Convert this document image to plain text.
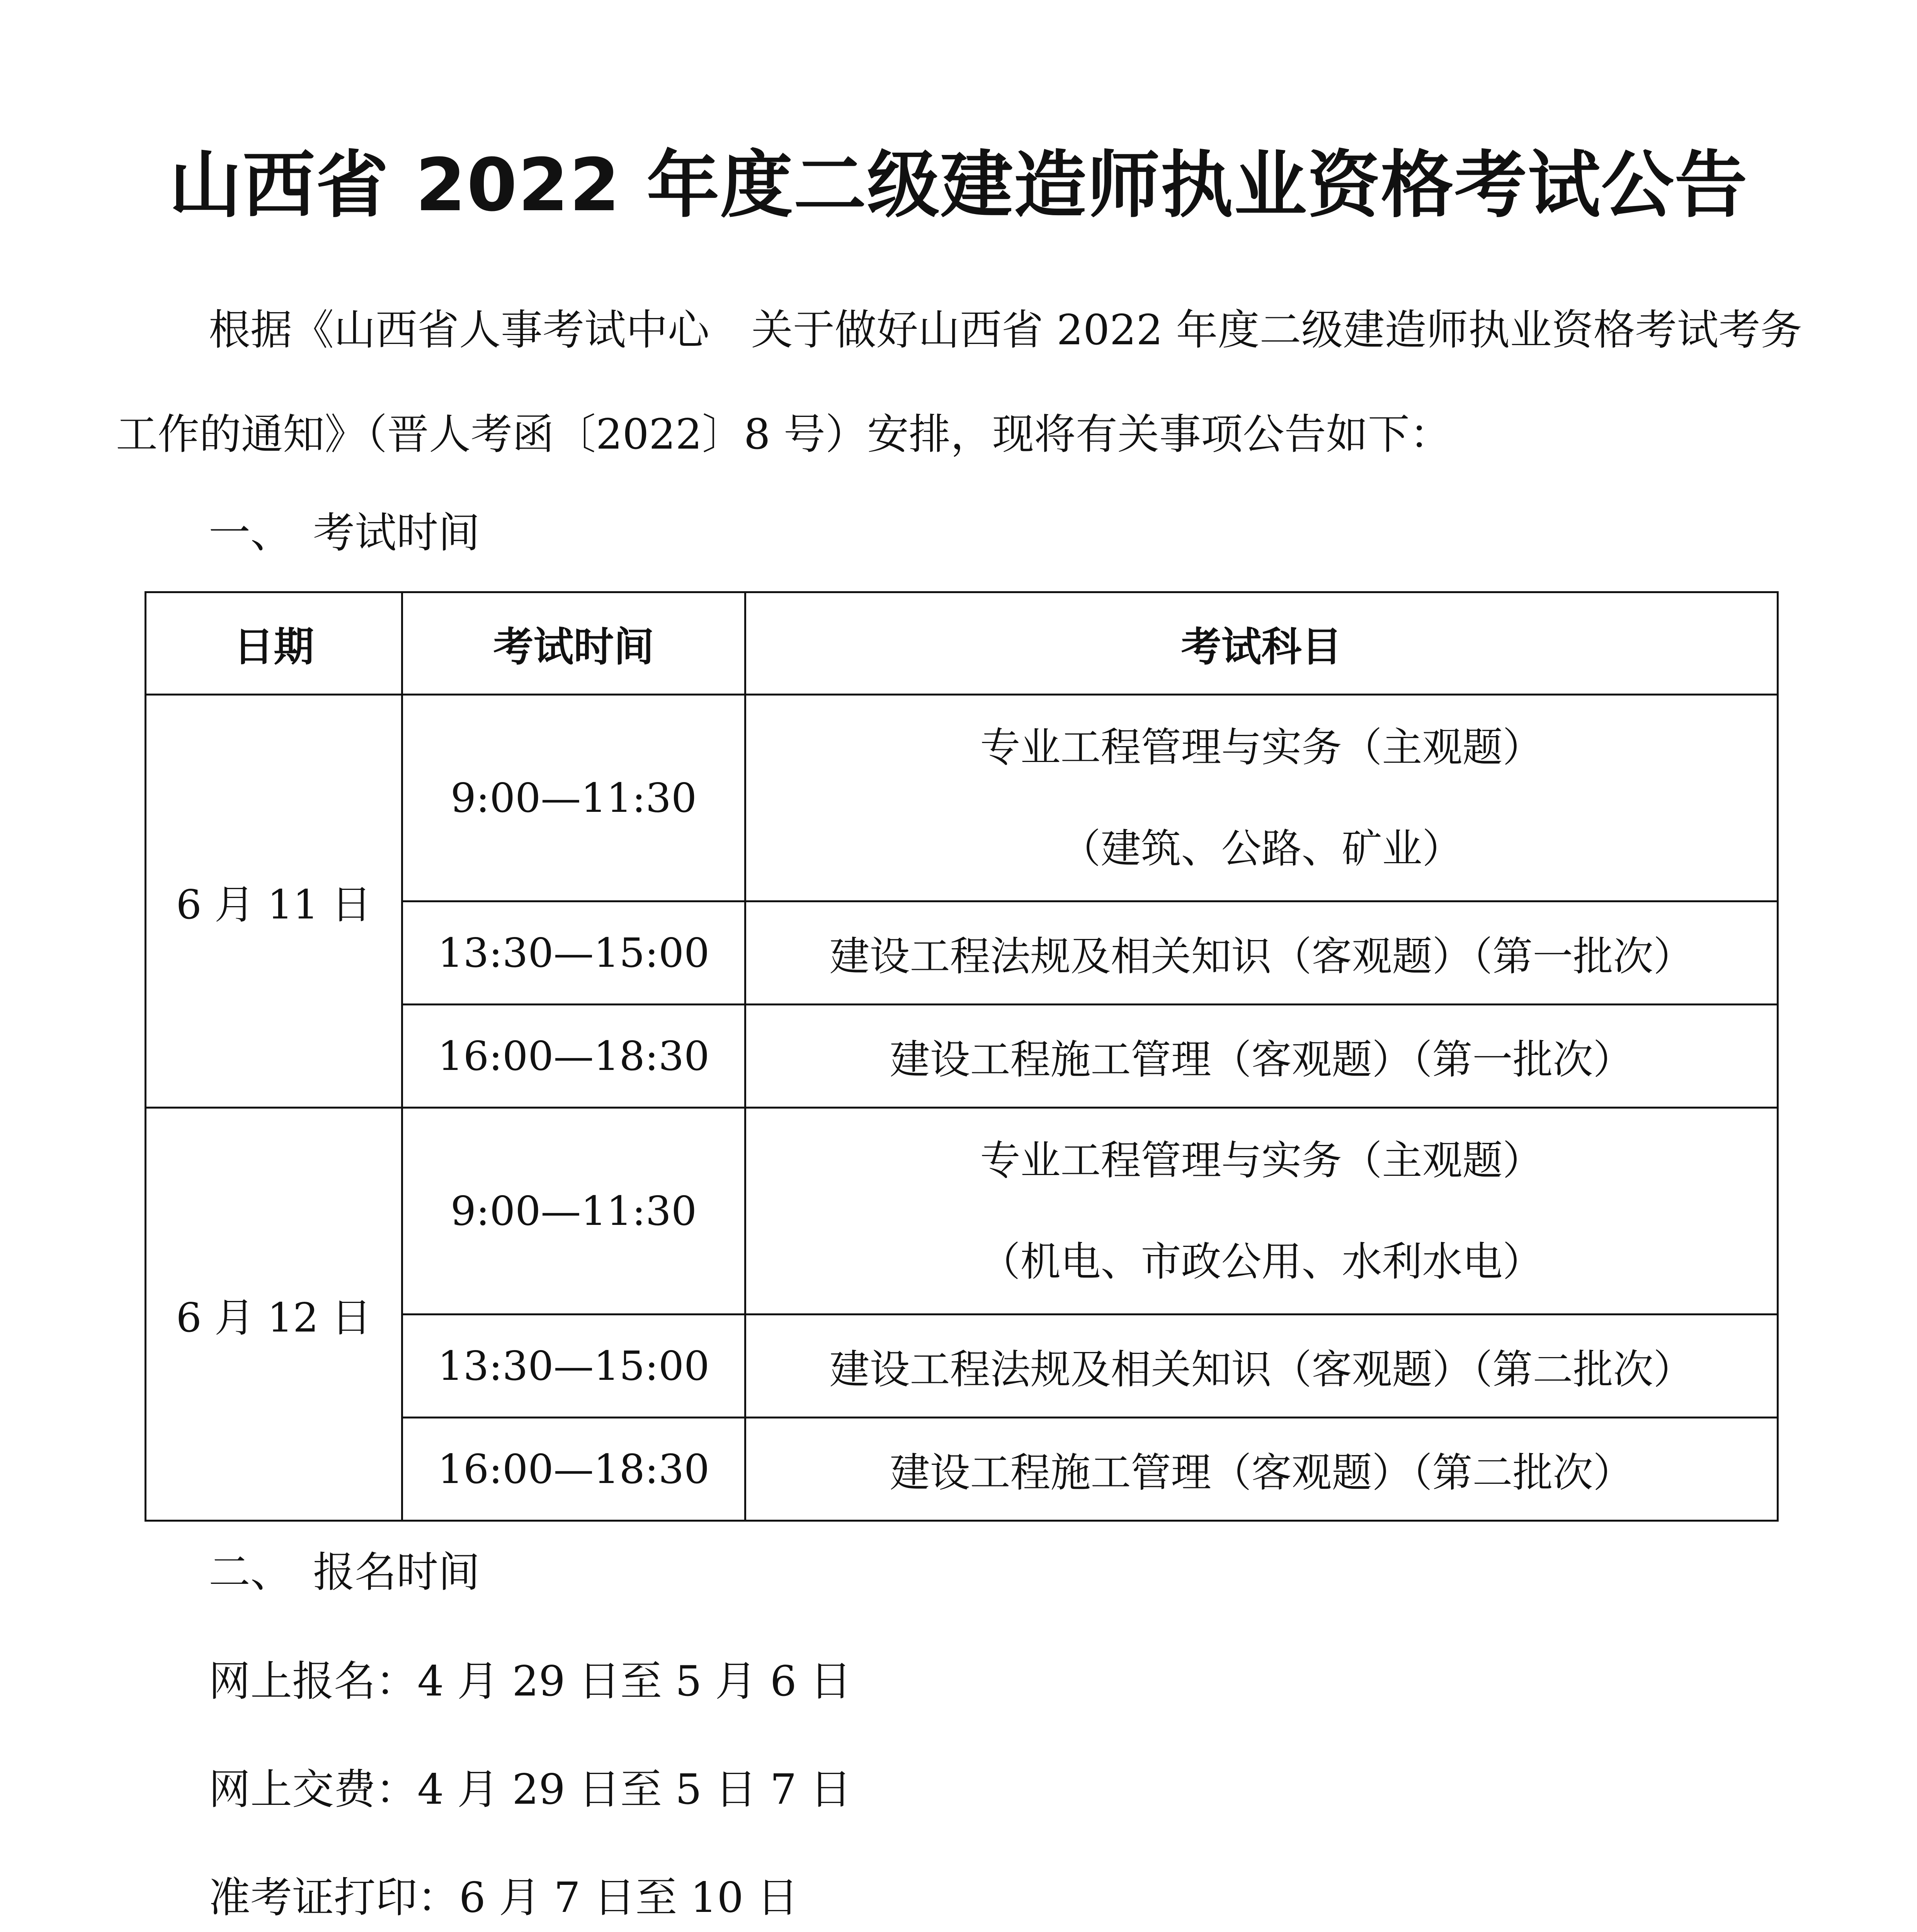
山西省 2022 年度二级建造师执业资格考试公告

根据《山西省人事考试中心　关于做好山西省 2022 年度二级建造师执业资格考试考务工作的通知》（晋人考函〔2022〕8 号）安排，现将有关事项公告如下：

一、　考试时间

日期	考试时间	考试科目
6 月 11 日	9:00—11:30	专业工程管理与实务（主观题）
（建筑、公路、矿业）

	13:30—15:00	建设工程法规及相关知识（客观题）（第一批次）
	16:00—18:30	建设工程施工管理（客观题）（第一批次）
6 月 12 日	9:00—11:30	专业工程管理与实务（主观题）
（机电、市政公用、水利水电）

	13:30—15:00	建设工程法规及相关知识（客观题）（第二批次）
	16:00—18:30	建设工程施工管理（客观题）（第二批次）

二、　报名时间

网上报名：4 月 29 日至 5 月 6 日

网上交费：4 月 29 日至 5 日 7 日

准考证打印：6 月 7 日至 10 日
